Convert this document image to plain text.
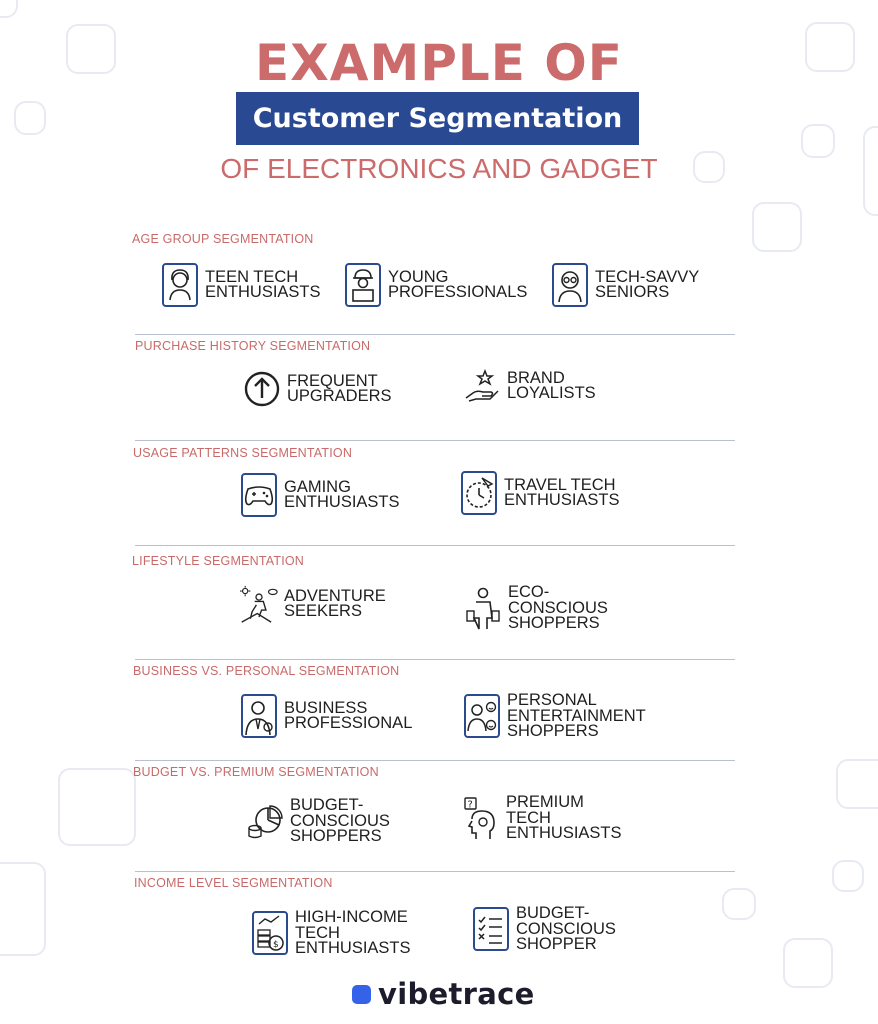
EXAMPLE OF
Customer Segmentation
OF ELECTRONICS AND GADGET
AGE GROUP SEGMENTATION
TEEN TECH ENTHUSIASTS
YOUNG PROFESSIONALS
TECH-SAVVY SENIORS
PURCHASE HISTORY SEGMENTATION
FREQUENT UPGRADERS
BRAND LOYALISTS
USAGE PATTERNS SEGMENTATION
GAMING ENTHUSIASTS
TRAVEL TECH ENTHUSIASTS
LIFESTYLE SEGMENTATION
ADVENTURE SEEKERS
ECO-CONSCIOUS SHOPPERS
BUSINESS VS. PERSONAL SEGMENTATION
BUSINESS PROFESSIONAL
PERSONAL ENTERTAINMENT SHOPPERS
BUDGET VS. PREMIUM SEGMENTATION
BUDGET-CONSCIOUS SHOPPERS
? PREMIUM TECH ENTHUSIASTS
INCOME LEVEL SEGMENTATION
$
HIGH-INCOME TECH ENTHUSIASTS
BUDGET-CONSCIOUS SHOPPER
vibetrace
